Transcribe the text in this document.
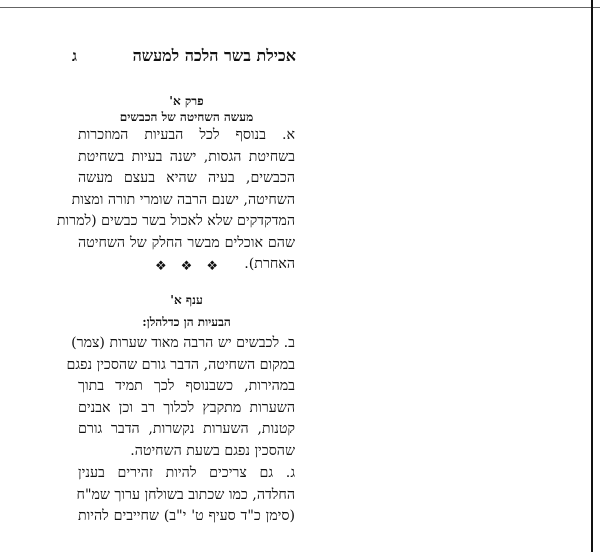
אכילת בשר הלכה למעשה
ג
פרק א'
מעשה השחיטה של הכבשים
א. בנוסף לכל הבעיות המוזכרות
בשחיטת הגסות, ישנה בעיות בשחיטת
הכבשים, בעיה שהיא בעצם מעשה
השחיטה, ישנם הרבה שומרי תורה ומצות
המדקדקים שלא לאכול בשר כבשים (למרות
שהם אוכלים מבשר החלק של השחיטה
האחרת).
❖ ❖ ❖
ענף א'
הבעיות הן כדלהלן:
ב. לכבשים יש הרבה מאוד שערות (צמר)
במקום השחיטה, הדבר גורם שהסכין נפגם
במהירות, כשבנוסף לכך תמיד בתוך
השערות מתקבץ לכלוך רב וכן אבנים
קטנות, השערות נקשרות, הדבר גורם
שהסכין נפגם בשעת השחיטה.
ג. גם צריכים להיות זהירים בענין
החלדה, כמו שכתוב בשולחן ערוך שמ"ח
(סימן כ"ד סעיף ט' י"ב) שחייבים להיות
